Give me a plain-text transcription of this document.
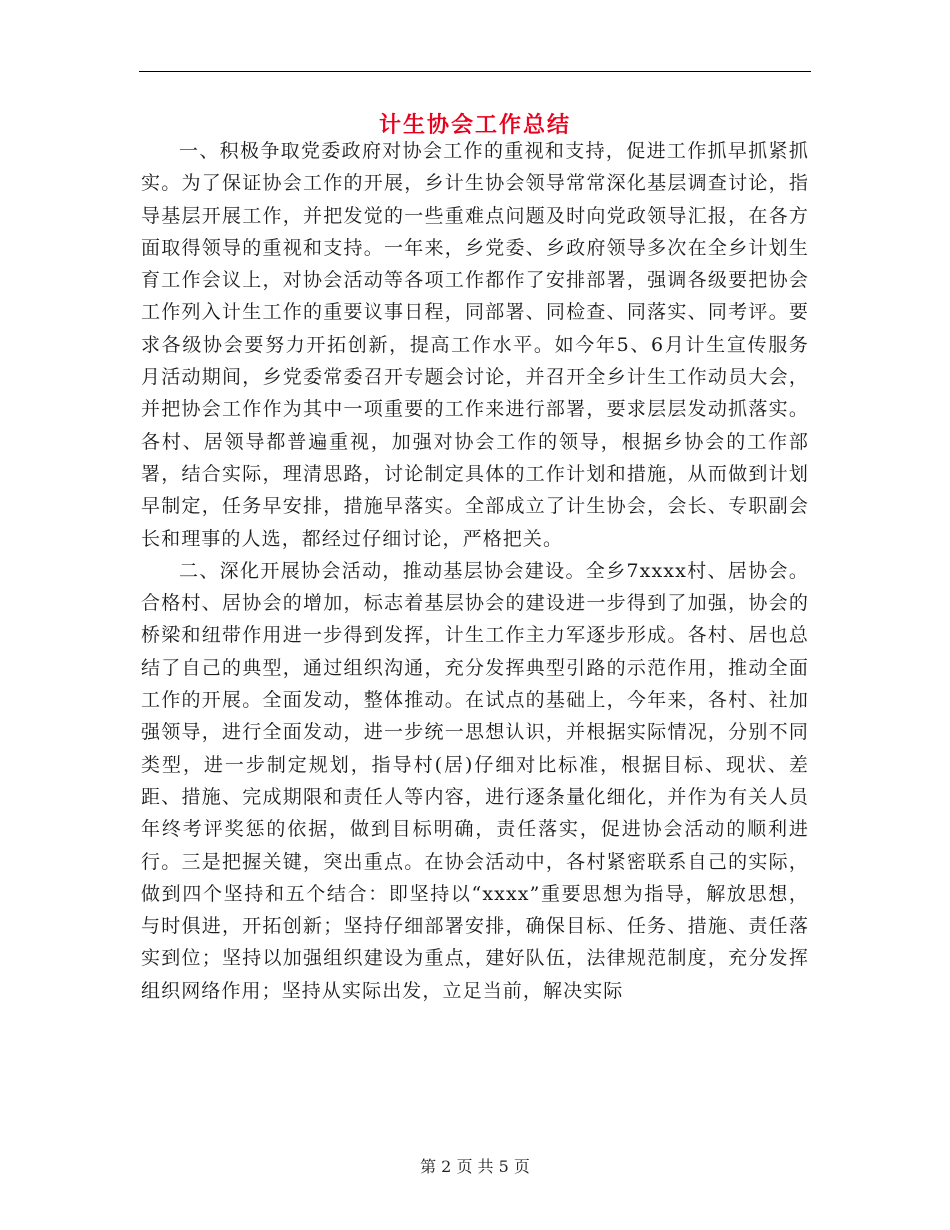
计生协会工作总结

一、积极争取党委政府对协会工作的重视和支持，促进工作抓早抓紧抓实。为了保证协会工作的开展，乡计生协会领导常常深化基层调查讨论，指导基层开展工作，并把发觉的一些重难点问题及时向党政领导汇报，在各方面取得领导的重视和支持。一年来，乡党委、乡政府领导多次在全乡计划生育工作会议上，对协会活动等各项工作都作了安排部署，强调各级要把协会工作列入计生工作的重要议事日程，同部署、同检查、同落实、同考评。要求各级协会要努力开拓创新，提高工作水平。如今年5、6月计生宣传服务月活动期间，乡党委常委召开专题会讨论，并召开全乡计生工作动员大会，并把协会工作作为其中一项重要的工作来进行部署，要求层层发动抓落实。各村、居领导都普遍重视，加强对协会工作的领导，根据乡协会的工作部署，结合实际，理清思路，讨论制定具体的工作计划和措施，从而做到计划早制定，任务早安排，措施早落实。全部成立了计生协会，会长、专职副会长和理事的人选，都经过仔细讨论，严格把关。

二、深化开展协会活动，推动基层协会建设。全乡7xxxx村、居协会。合格村、居协会的增加，标志着基层协会的建设进一步得到了加强，协会的桥梁和纽带作用进一步得到发挥，计生工作主力军逐步形成。各村、居也总结了自己的典型，通过组织沟通，充分发挥典型引路的示范作用，推动全面工作的开展。全面发动，整体推动。在试点的基础上，今年来，各村、社加强领导，进行全面发动，进一步统一思想认识，并根据实际情况，分别不同类型，进一步制定规划，指导村(居)仔细对比标准，根据目标、现状、差距、措施、完成期限和责任人等内容，进行逐条量化细化，并作为有关人员年终考评奖惩的依据，做到目标明确，责任落实，促进协会活动的顺利进行。三是把握关键，突出重点。在协会活动中，各村紧密联系自己的实际，做到四个坚持和五个结合：即坚持以“xxxx”重要思想为指导，解放思想，与时俱进，开拓创新；坚持仔细部署安排，确保目标、任务、措施、责任落实到位；坚持以加强组织建设为重点，建好队伍，法律规范制度，充分发挥组织网络作用；坚持从实际出发，立足当前，解决实际

第 2 页 共 5 页
